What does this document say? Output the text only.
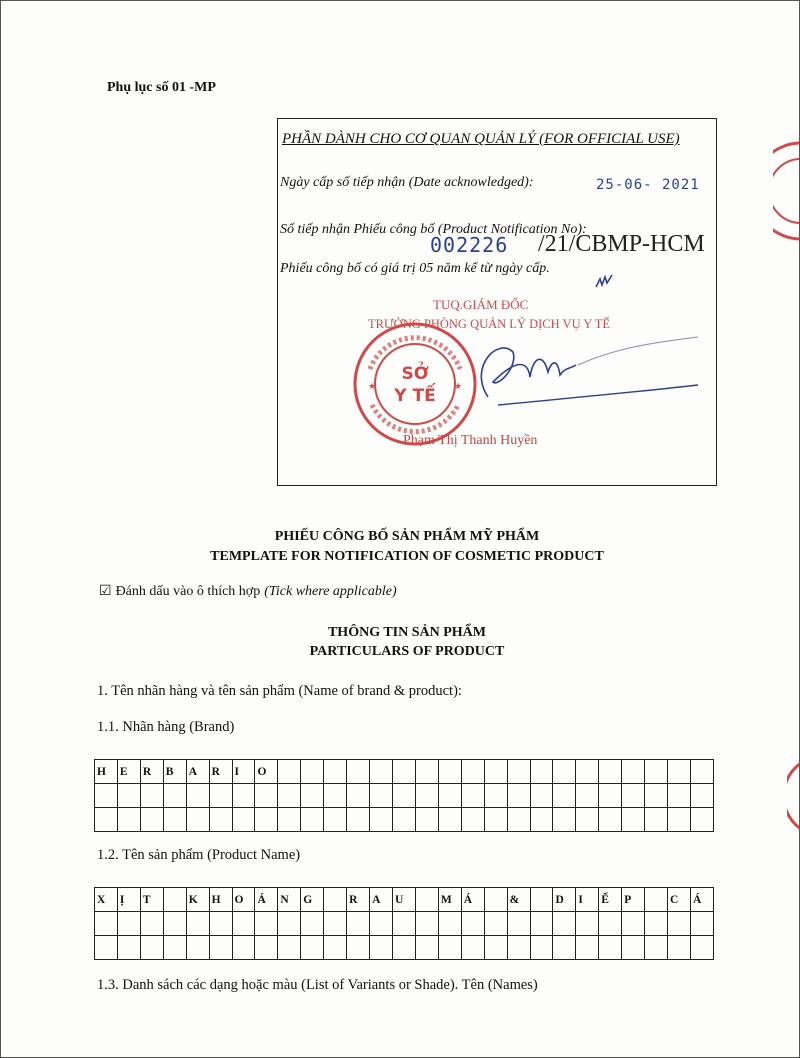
Phụ lục số 01 -MP
PHẦN DÀNH CHO CƠ QUAN QUẢN LÝ (FOR OFFICIAL USE)
Ngày cấp số tiếp nhận (Date acknowledged):	25-06- 2021
Số tiếp nhận Phiếu công bố (Product Notification No):
002226 /21/CBMP-HCM
Phiếu công bố có giá trị 05 năm kể từ ngày cấp.
TUQ.GIÁM ĐỐC
TRƯỞNG PHÒNG QUẢN LÝ DỊCH VỤ Y TẾ
SỞ
Y TẾ
★	★
Phạm Thị Thanh Huyền
PHIẾU CÔNG BỐ SẢN PHẨM MỸ PHẨM
TEMPLATE FOR NOTIFICATION OF COSMETIC PRODUCT
☑ Đánh dấu vào ô thích hợp (Tick where applicable)
THÔNG TIN SẢN PHẨM
PARTICULARS OF PRODUCT
1. Tên nhãn hàng và tên sản phẩm (Name of brand & product):
1.1. Nhãn hàng (Brand)
H	E	R	B	A	R	I	O																			

1.2. Tên sản phẩm (Product Name)
X	Ị	T		K	H	O	Á	N	G		R	A	U		M	Á		&		D	I	Ế	P		C	Á

1.3. Danh sách các dạng hoặc màu (List of Variants or Shade). Tên (Names)
